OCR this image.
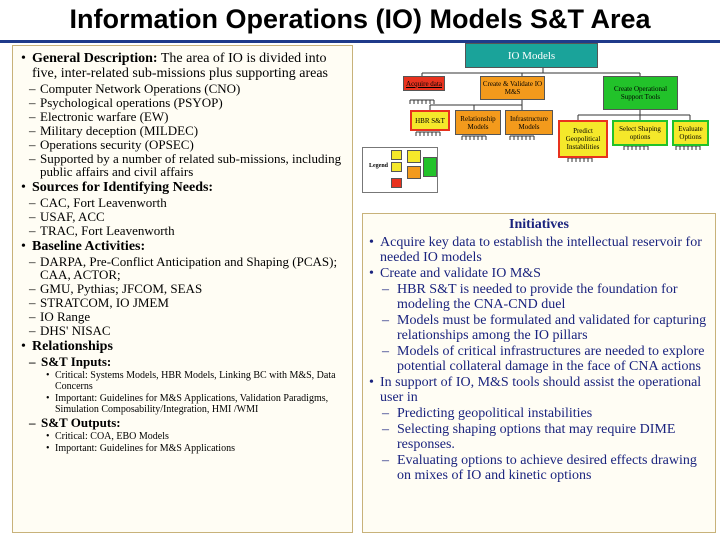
Information Operations (IO) Models S&T Area
• General Description: The area of IO is divided into five, inter-related sub-missions plus supporting areas
– Computer Network Operations (CNO)
– Psychological operations (PSYOP)
– Electronic warfare (EW)
– Military deception (MILDEC)
– Operations security (OPSEC)
– Supported by a number of related sub-missions, including public affairs and civil affairs
• Sources for Identifying Needs:
– CAC, Fort Leavenworth
– USAF, ACC
– TRAC, Fort Leavenworth
• Baseline Activities:
– DARPA, Pre-Conflict Anticipation and Shaping (PCAS); CAA, ACTOR;
– GMU, Pythias; JFCOM, SEAS
– STRATCOM, IO JMEM
– IO Range
– DHS' NISAC
• Relationships
– S&T Inputs:
• Critical: Systems Models, HBR Models, Linking BC with M&S, Data Concerns
• Important: Guidelines for M&S Applications, Validation Paradigms, Simulation Composability/Integration, HMI /WMI
– S&T Outputs:
• Critical: COA, EBO Models
• Important: Guidelines for M&S Applications
IO Models
Acquire data	Create & Validate IO M&S	Create Operational Support Tools
HBR S&T	Relationship Models
Infrastructure Models
Predict Geopolitical Instabilities
Select Shaping options
Evaluate Options
Legend
Initiatives
• Acquire key data to establish the intellectual reservoir for needed IO models
• Create and validate IO M&S
– HBR S&T is needed to provide the foundation for modeling the CNA-CND duel
– Models must be formulated and validated for capturing relationships among the IO pillars
– Models of critical infrastructures are needed to explore potential collateral damage in the face of CNA actions
• In support of IO, M&S tools should assist the operational user in
– Predicting geopolitical instabilities
– Selecting shaping options that may require DIME responses.
– Evaluating options to achieve desired effects drawing on mixes of IO and kinetic options
